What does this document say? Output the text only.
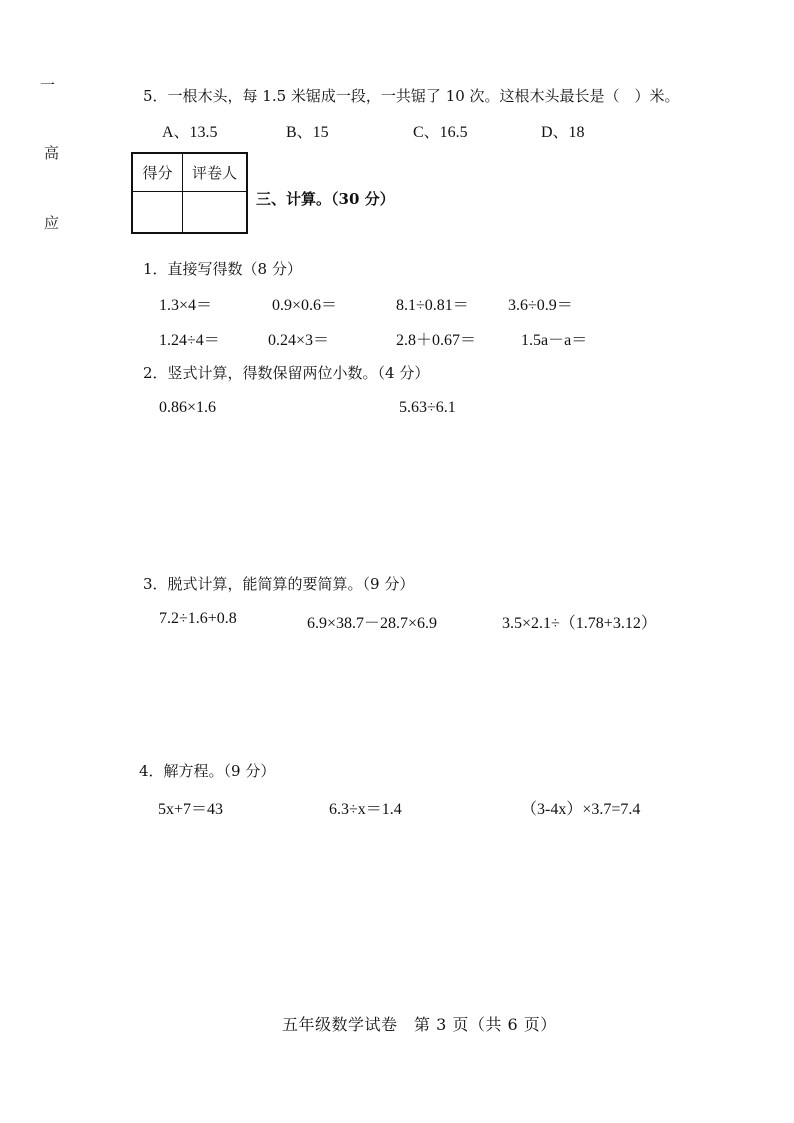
一
高
应
5．一根木头，每 1.5 米锯成一段，一共锯了 10 次。这根木头最长是（　）米。
A、13.5	B、15	C、16.5	D、18
得分	评卷人
三、计算。（30 分）
1．直接写得数（8 分）
1.3×4＝	0.9×0.6＝	8.1÷0.81＝ 3.6÷0.9＝
1.24÷4＝	0.24×3＝	2.8＋0.67＝	1.5a－a＝
2．竖式计算，得数保留两位小数。（4 分）
0.86×1.6	5.63÷6.1
3．脱式计算，能简算的要简算。（9 分）
7.2÷1.6+0.8	6.9×38.7－28.7×6.9	3.5×2.1÷（1.78+3.12）
4．解方程。（9 分）
5x+7＝43	6.3÷x＝1.4	（3-4x）×3.7=7.4
五年级数学试卷　第 3 页（共 6 页）
